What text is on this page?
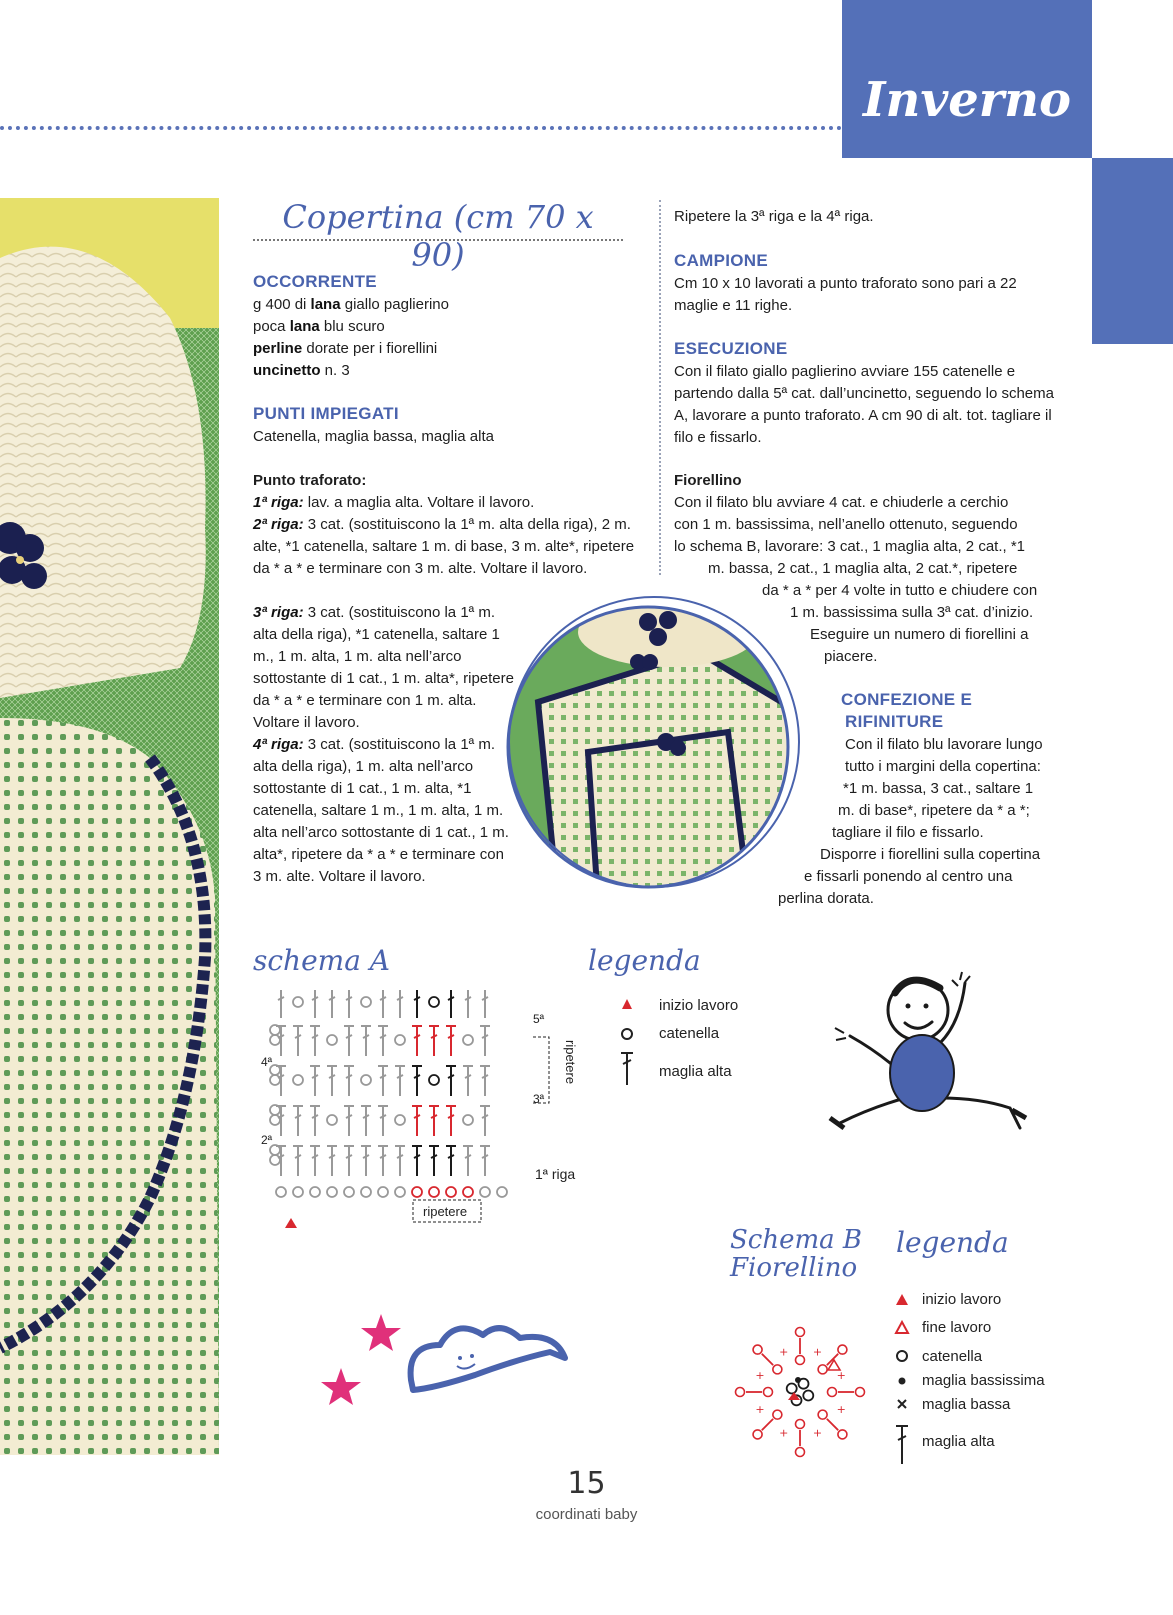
Inverno
Copertina (cm 70 x 90)
OCCORRENTE
g 400 di lana giallo paglierino
poca lana blu scuro
perline dorate per i fiorellini
uncinetto n. 3
PUNTI IMPIEGATI
Catenella, maglia bassa, maglia alta
Punto traforato:
1ª riga: lav. a maglia alta. Voltare il lavoro.
2ª riga: 3 cat. (sostituiscono la 1ª m. alta della riga), 2 m. alte, *1 catenella, saltare 1 m. di base, 3 m. alte*, ripetere da * a * e terminare con 3 m. alte. Voltare il lavoro.
3ª riga: 3 cat. (sostituiscono la 1ª m. alta della riga), *1 catenella, saltare 1 m., 1 m. alta, 1 m. alta nell’arco sottostante di 1 cat., 1 m. alta*, ripetere da * a * e terminare con 1 m. alta. Voltare il lavoro.
4ª riga: 3 cat. (sostituiscono la 1ª m. alta della riga), 1 m. alta nell’arco sottostante di 1 cat., 1 m. alta, *1 catenella, saltare 1 m., 1 m. alta, 1 m. alta nell’arco sottostante di 1 cat., 1 m. alta*, ripetere da * a * e terminare con 3 m. alte. Voltare il lavoro.
Ripetere la 3ª riga e la 4ª riga.
CAMPIONE
Cm 10 x 10 lavorati a punto traforato sono pari a 22 maglie e 11 righe.
ESECUZIONE
Con il filato giallo paglierino avviare 155 catenelle e partendo dalla 5ª cat. dall’uncinetto, seguendo lo schema A, lavorare a punto traforato. A cm 90 di alt. tot. tagliare il filo e fissarlo.
Fiorellino
Con il filato blu avviare 4 cat. e chiuderle a cerchio
con 1 m. bassissima, nell’anello ottenuto, seguendo
lo schema B, lavorare: 3 cat., 1 maglia alta, 2 cat., *1
m. bassa, 2 cat., 1 maglia alta, 2 cat.*, ripetere
da * a * per 4 volte in tutto e chiudere con
1 m. bassissima sulla 3ª cat. d’inizio.
Eseguire un numero di fiorellini a
piacere.
CONFEZIONE E
RIFINITURE
Con il filato blu lavorare lungo
tutto i margini della copertina:
*1 m. bassa, 3 cat., saltare 1
m. di base*, ripetere da * a *;
tagliare il filo e fissarlo.
Disporre i fiorellini sulla copertina
e fissarli ponendo al centro una
perlina dorata.
schema A
5ª
4ª
3ª
2ª
1ª riga
ripetere
ripetere
legenda
inizio lavoro
catenella
maglia alta
Schema B
Fiorellino
+
+
+
+
+
+ +
+
legenda
inizio lavoro
fine lavoro
catenella
maglia bassissima
maglia bassa
maglia alta
15
coordinati baby
